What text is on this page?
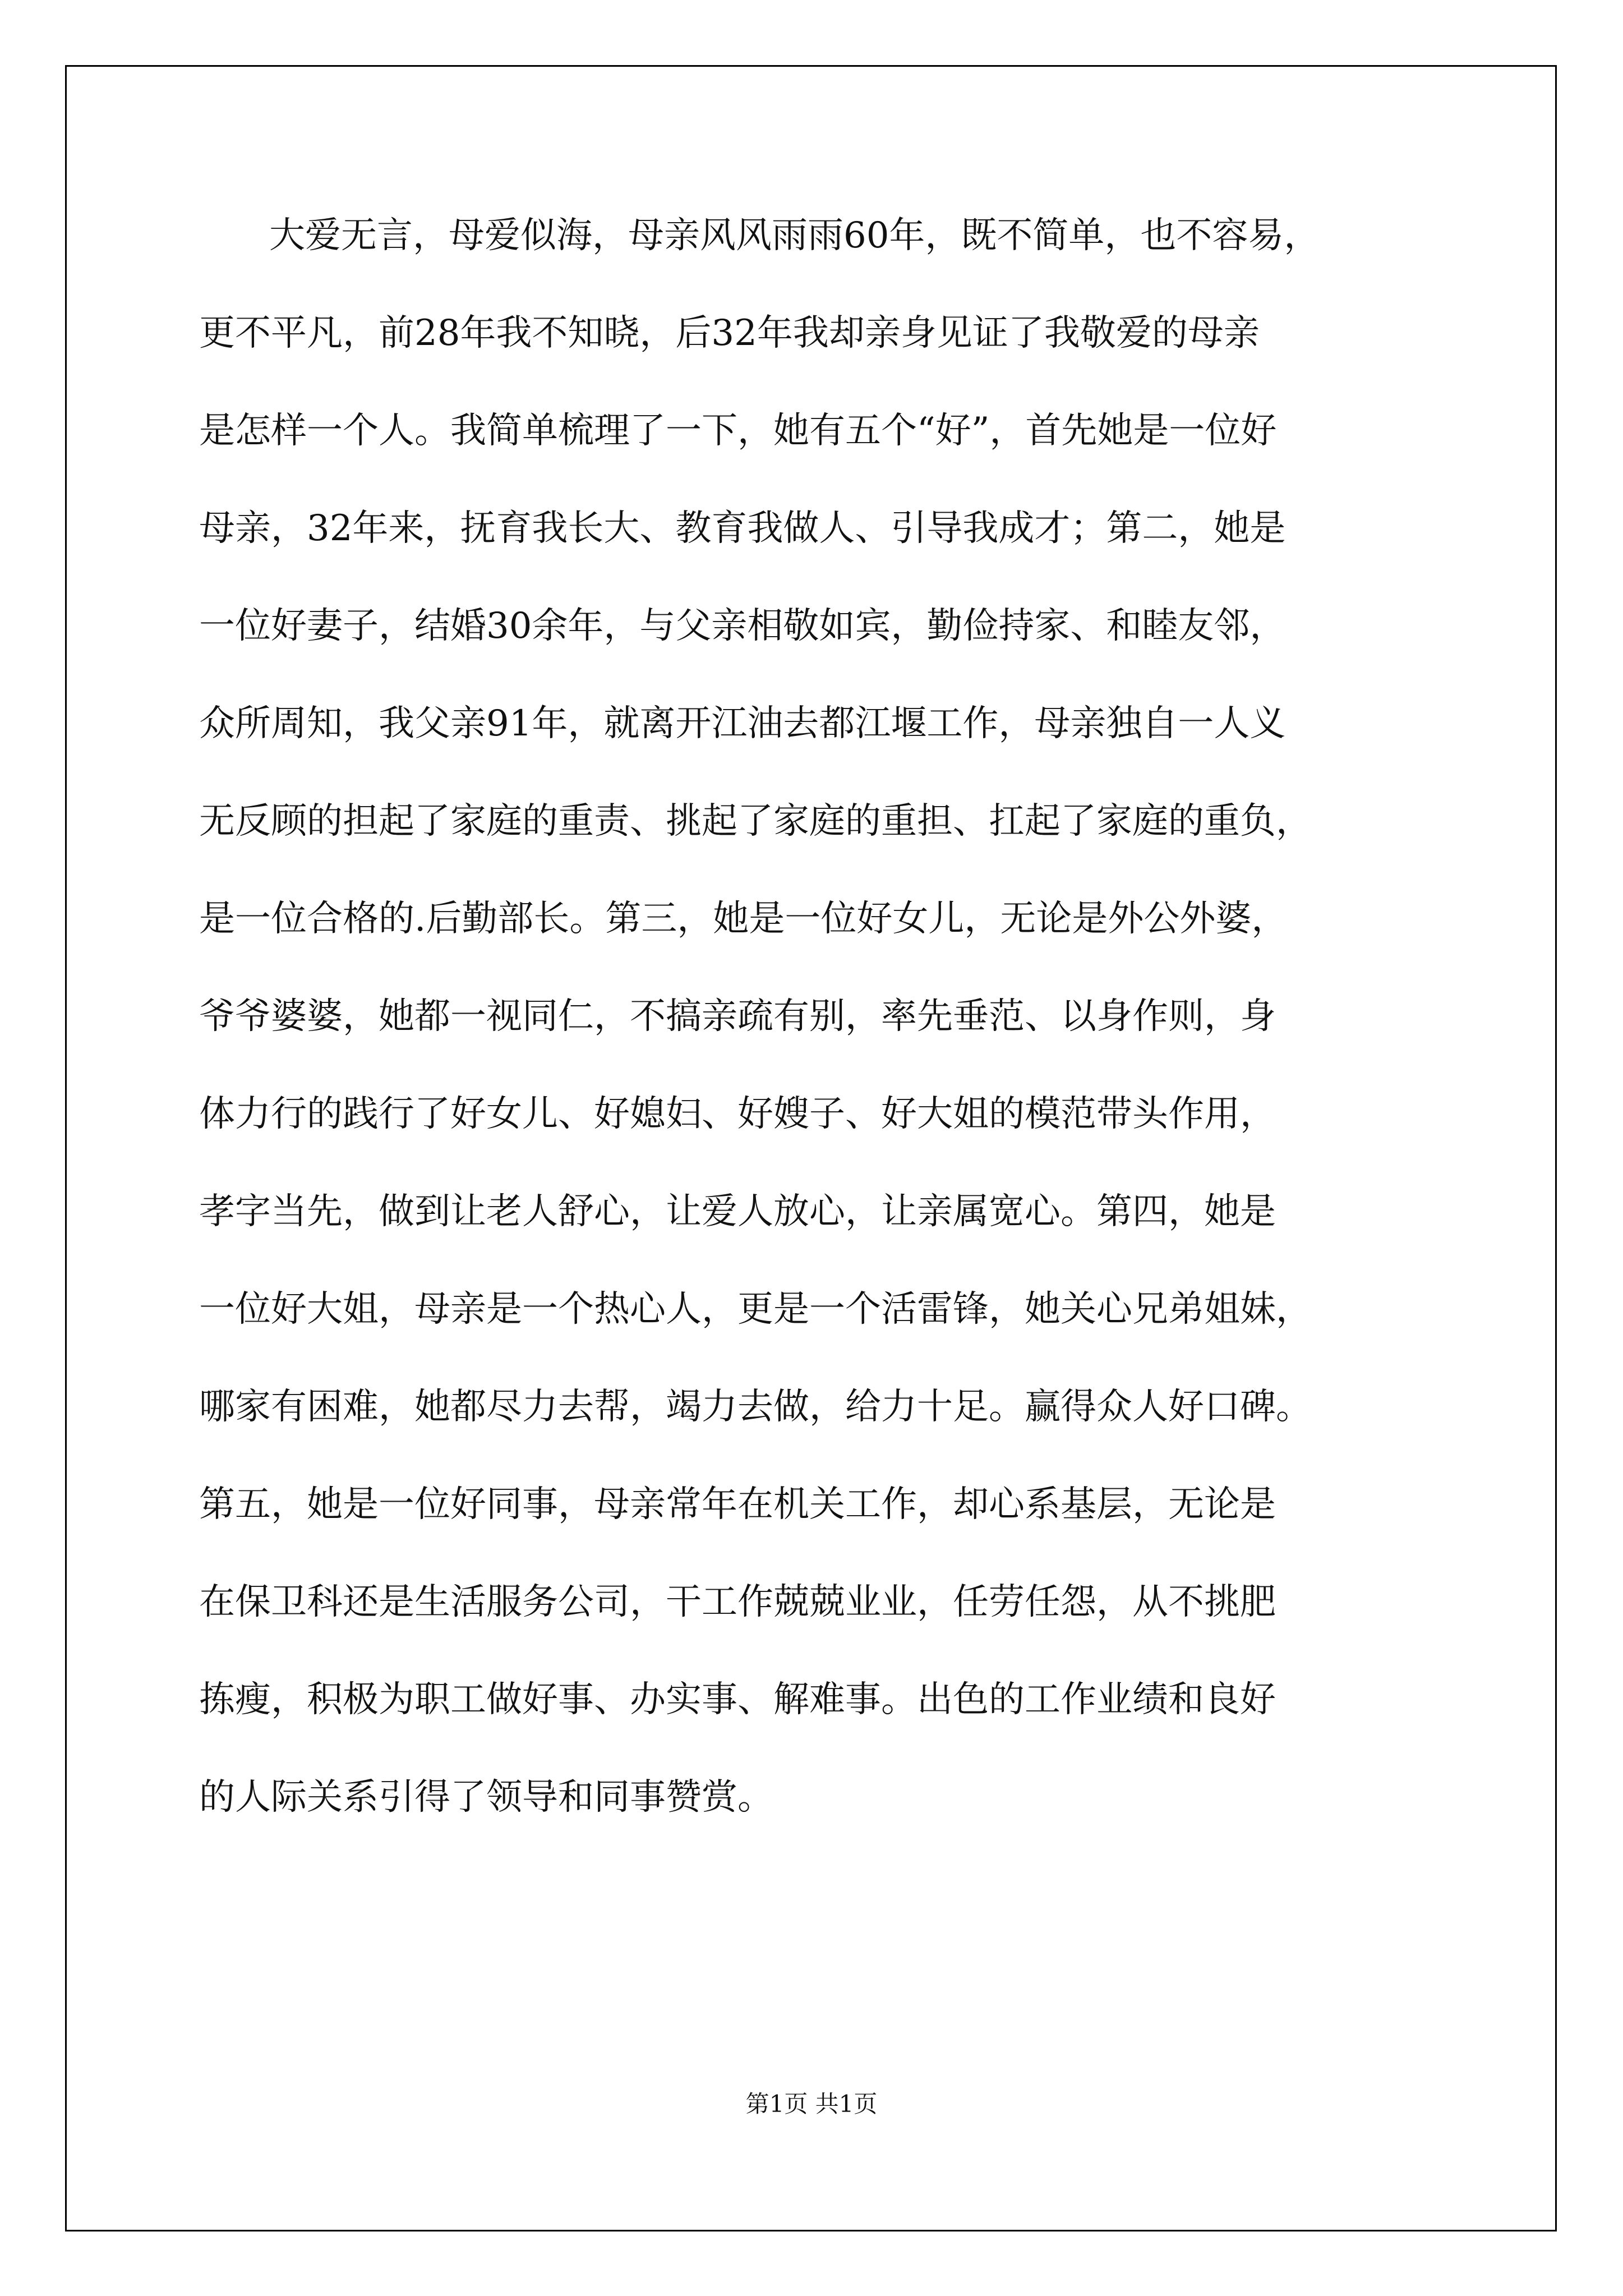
大爱无言，母爱似海，母亲风风雨雨60年，既不简单，也不容易，
更不平凡，前28年我不知晓，后32年我却亲身见证了我敬爱的母亲
是怎样一个人。我简单梳理了一下，她有五个“好”，首先她是一位好
母亲，32年来，抚育我长大、教育我做人、引导我成才；第二，她是
一位好妻子，结婚30余年，与父亲相敬如宾，勤俭持家、和睦友邻，
众所周知，我父亲91年，就离开江油去都江堰工作，母亲独自一人义
无反顾的担起了家庭的重责、挑起了家庭的重担、扛起了家庭的重负，
是一位合格的.后勤部长。第三，她是一位好女儿，无论是外公外婆，
爷爷婆婆，她都一视同仁，不搞亲疏有别，率先垂范、以身作则，身
体力行的践行了好女儿、好媳妇、好嫂子、好大姐的模范带头作用，
孝字当先，做到让老人舒心，让爱人放心，让亲属宽心。第四，她是
一位好大姐，母亲是一个热心人，更是一个活雷锋，她关心兄弟姐妹，
哪家有困难，她都尽力去帮，竭力去做，给力十足。赢得众人好口碑。
第五，她是一位好同事，母亲常年在机关工作，却心系基层，无论是
在保卫科还是生活服务公司，干工作兢兢业业，任劳任怨，从不挑肥
拣瘦，积极为职工做好事、办实事、解难事。出色的工作业绩和良好
的人际关系引得了领导和同事赞赏。
第1页 共1页
